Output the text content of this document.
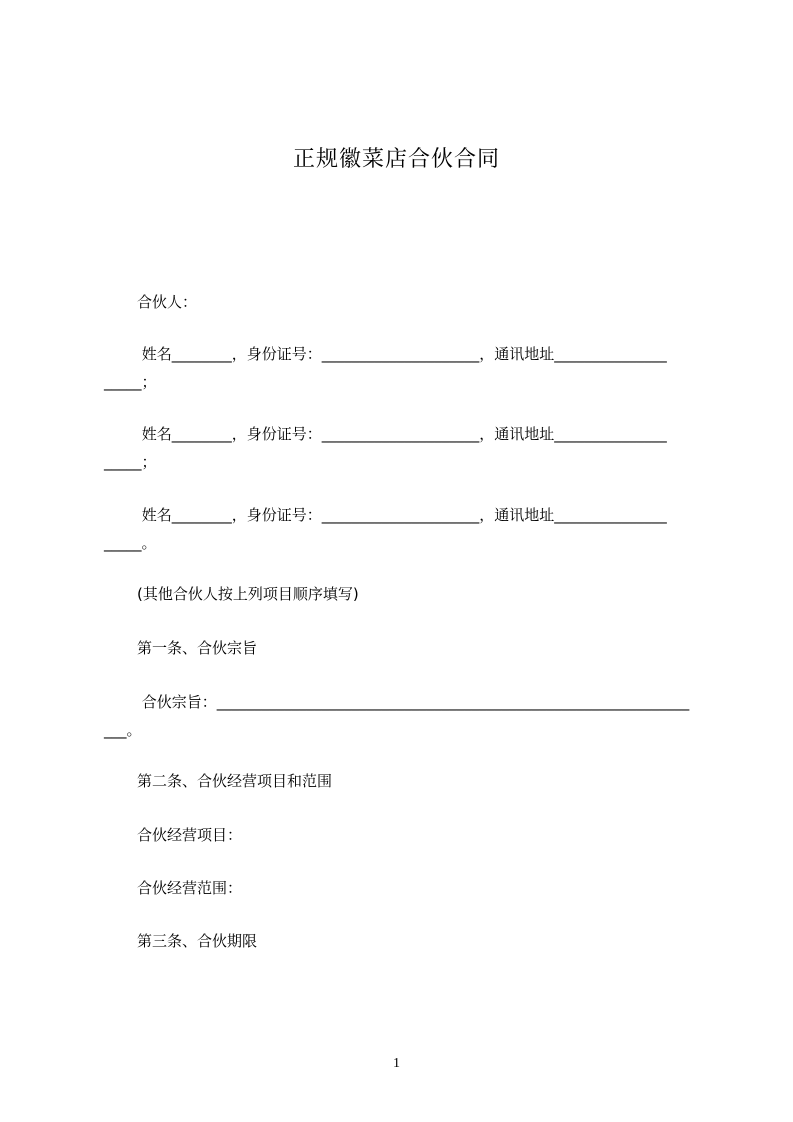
正规徽菜店合伙合同
合伙人：
姓名________，身份证号：_____________________，通讯地址_______________
_____；
姓名________，身份证号：_____________________，通讯地址_______________
_____；
姓名________，身份证号：_____________________，通讯地址_______________
_____。
(其他合伙人按上列项目顺序填写)
第一条、合伙宗旨
合伙宗旨：_______________________________________________________________
___。
第二条、合伙经营项目和范围
合伙经营项目：
合伙经营范围：
第三条、合伙期限
1
